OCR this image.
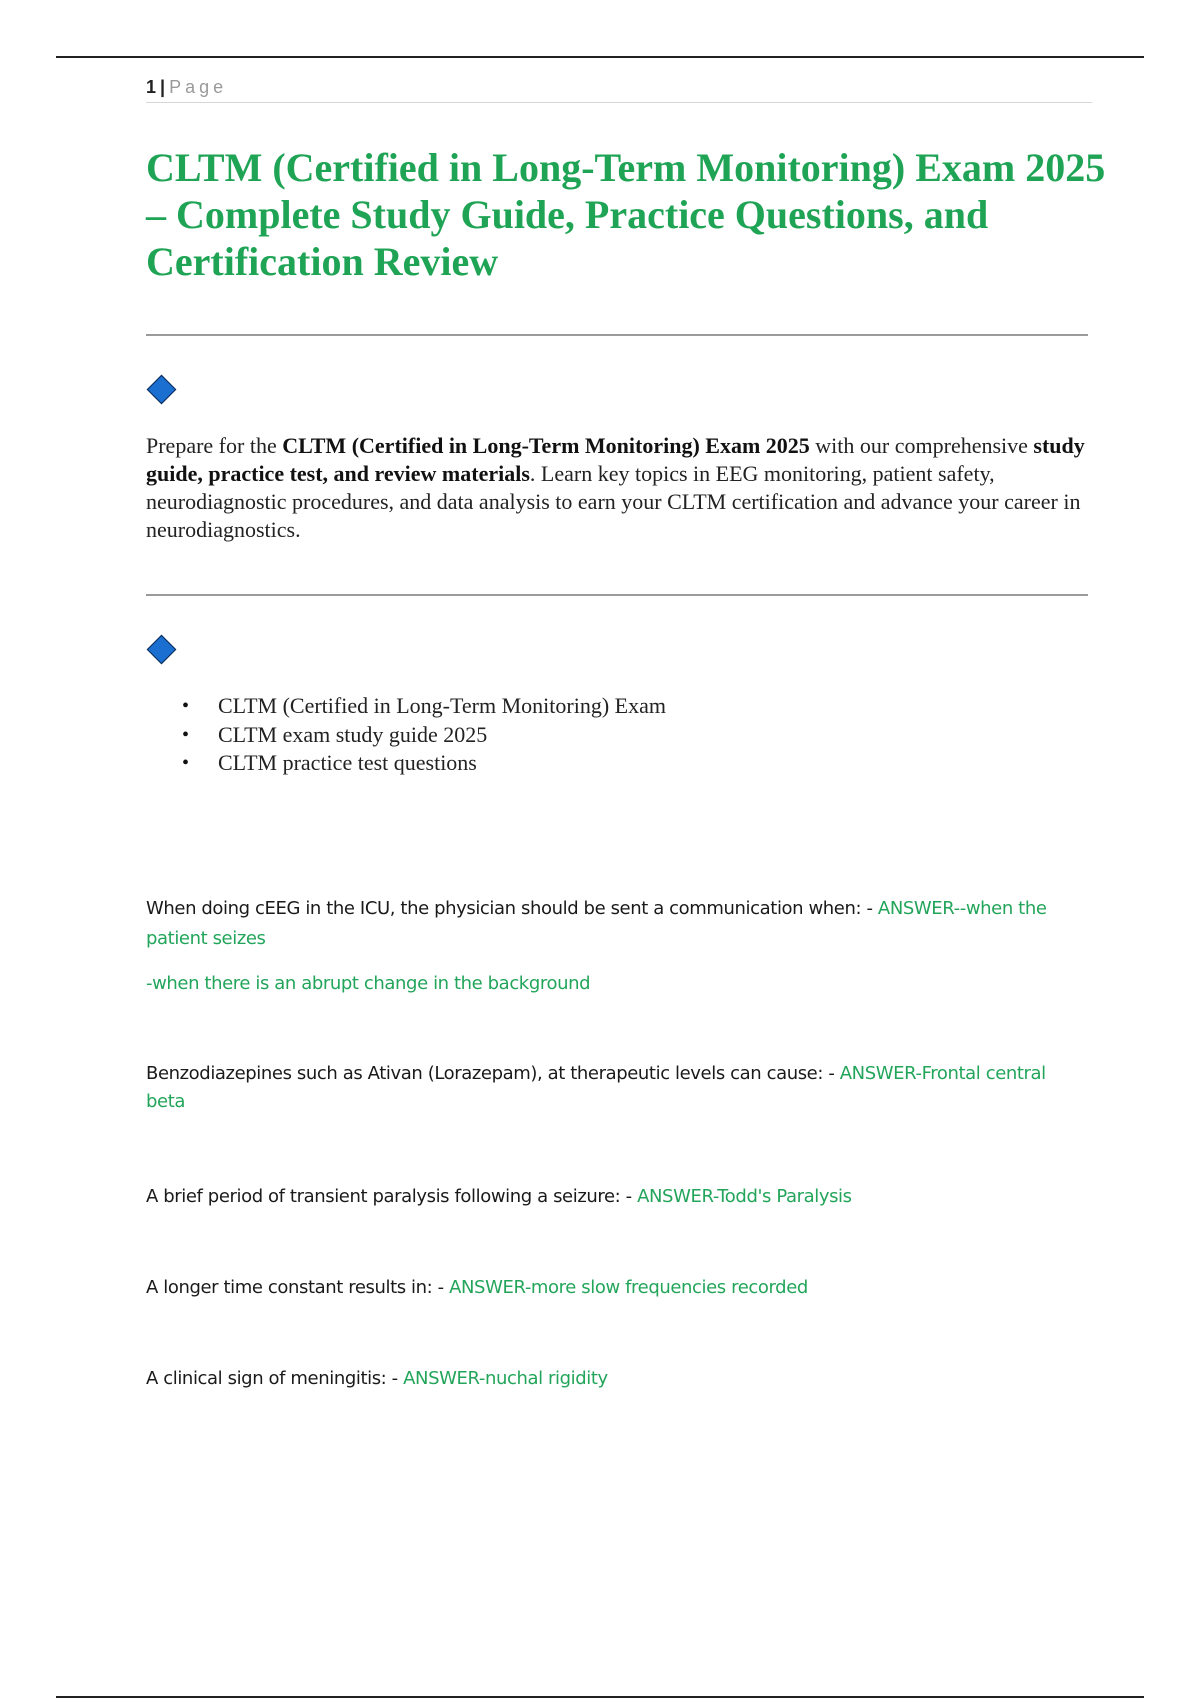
1 | Page
CLTM (Certified in Long-Term Monitoring) Exam 2025 – Complete Study Guide, Practice Questions, and Certification Review

Prepare for the CLTM (Certified in Long-Term Monitoring) Exam 2025 with our comprehensive study guide, practice test, and review materials. Learn key topics in EEG monitoring, patient safety, neurodiagnostic procedures, and data analysis to earn your CLTM certification and advance your career in neurodiagnostics.

• CLTM (Certified in Long-Term Monitoring) Exam
• CLTM exam study guide 2025
• CLTM practice test questions

When doing cEEG in the ICU, the physician should be sent a communication when: - ANSWER--when the patient seizes

-when there is an abrupt change in the background

Benzodiazepines such as Ativan (Lorazepam), at therapeutic levels can cause: - ANSWER-Frontal central beta

A brief period of transient paralysis following a seizure: - ANSWER-Todd's Paralysis

A longer time constant results in: - ANSWER-more slow frequencies recorded

A clinical sign of meningitis: - ANSWER-nuchal rigidity
